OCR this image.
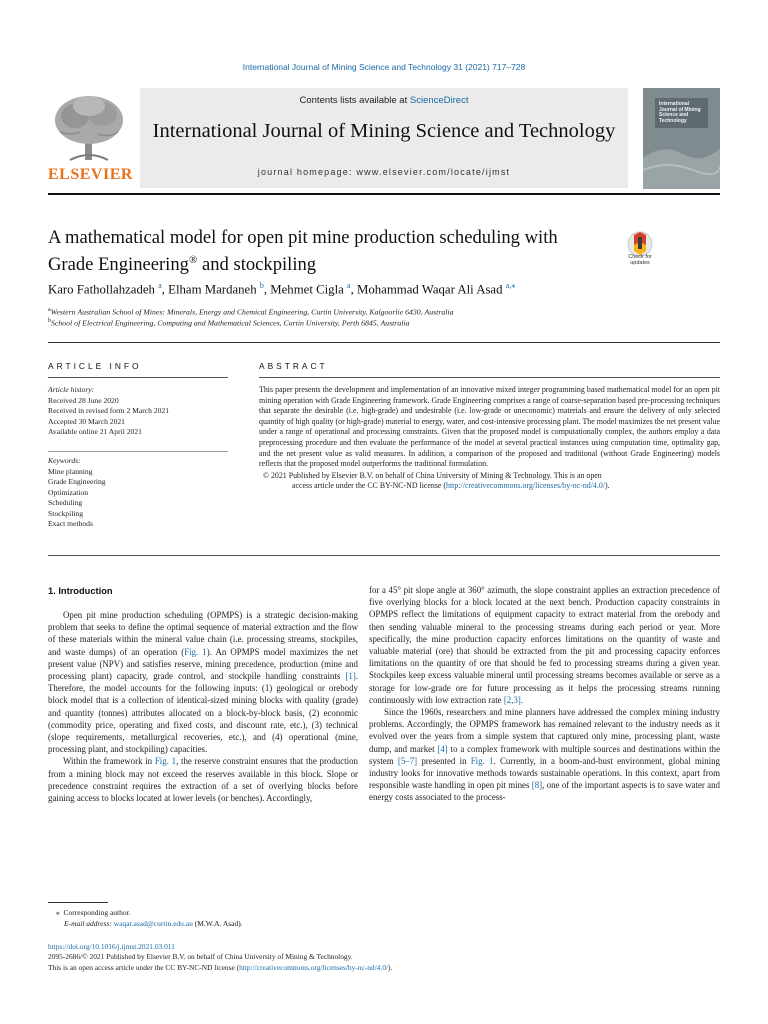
International Journal of Mining Science and Technology 31 (2021) 717–728
ELSEVIER
Contents lists available at ScienceDirect
International Journal of Mining Science and Technology
journal homepage: www.elsevier.com/locate/ijmst
International Journal of Mining Science and Technology
A mathematical model for open pit mine production scheduling with
Grade Engineering® and stockpiling	Check for updates
Karo Fathollahzadeh $^a$, Elham Mardaneh $^b$, Mehmet Cigla $^a$, Mohammad Waqar Ali Asad $^{a,⁎}$
$^a$Western Australian School of Mines: Minerals, Energy and Chemical Engineering, Curtin University, Kalgoorlie 6430, Australia
$^b$School of Electrical Engineering, Computing and Mathematical Sciences, Curtin University, Perth 6845, Australia
ARTICLE INFO
Article history:
Received 28 June 2020
Received in revised form 2 March 2021
Accepted 30 March 2021
Available online 21 April 2021
Keywords:
Mine planning
Grade Engineering
Optimization
Scheduling
Stockpiling
Exact methods
ABSTRACT
This paper presents the development and implementation of an innovative mixed integer programming based mathematical model for an open pit mining operation with Grade Engineering framework. Grade Engineering comprises a range of coarse-separation based pre-processing techniques that separate the desirable (i.e. high-grade) and undesirable (i.e. low-grade or uneconomic) materials and ensure the delivery of only selected quantity of high quality (or high-grade) material to energy, water, and cost-intensive processing plant. The model maximizes the net present value under a range of operational and processing constraints. Given that the proposed model is computationally complex, the authors employ a data preprocessing procedure and then evaluate the performance of the model at several practical instances using computation time, optimality gap, and the net present value as valid measures. In addition, a comparison of the proposed and traditional (without Grade Engineering) models reflects that the proposed model outperforms the traditional formulation.
© 2021 Published by Elsevier B.V. on behalf of China University of Mining & Technology. This is an open
access article under the CC BY-NC-ND license (http://creativecommons.org/licenses/by-nc-nd/4.0/).
1. Introduction

Open pit mine production scheduling (OPMPS) is a strategic decision-making problem that seeks to define the optimal sequence of material extraction and the flow of these materials within the mineral value chain (i.e. processing streams, stockpiles, and waste dumps) of an operation (Fig. 1). An OPMPS model maximizes the net present value (NPV) and satisfies reserve, mining precedence, production (mine and processing plant) capacity, grade control, and stockpile handling constraints [1]. Therefore, the model accounts for the following inputs: (1) geological or orebody block model that is a collection of identical-sized mining blocks with quality (grade) and quantity (tonnes) attributes allocated on a block-by-block basis, (2) economic (commodity price, operating and fixed costs, and discount rate, etc.), (3) technical (slope requirements, metallurgical recoveries, etc.), and (4) operational (mine, processing plant, and stockpiling) capacities.

Within the framework in Fig. 1, the reserve constraint ensures that the production from a mining block may not exceed the reserves available in this block. Slope or precedence constraint requires the extraction of a set of overlying blocks before gaining access to blocks located at lower levels (or benches). Accordingly,

for a 45° pit slope angle at 360° azimuth, the slope constraint applies an extraction precedence of five overlying blocks for a block located at the next bench. Production capacity constraints in OPMPS reflect the limitations of equipment capacity to extract material from the orebody and then sending valuable mineral to the processing streams during each period or year. More specifically, the mine production capacity enforces limitations on the quantity of waste and valuable material (ore) that should be extracted from the pit and processing capacity enforces limitations on the quantity of ore that should be fed to processing streams during a given year. Stockpiles keep excess valuable mineral until processing streams becomes available or serve as a storage for low-grade ore for future processing as it helps the processing streams running continuously with low extraction rate [2,3].

Since the 1960s, researchers and mine planners have addressed the complex mining industry problems. Accordingly, the OPMPS framework has remained relevant to the industry needs as it evolved over the years from a simple system that captured only mine, processing plant, waste dump, and market [4] to a complex framework with multiple sources and destinations within the system [5–7] presented in Fig. 1. Currently, in a boom-and-bust environment, global mining industry looks for innovative methods towards sustainable operations. In this context, apart from responsible waste handling in open pit mines [8], one of the important aspects is to save water and energy costs associated to the process-

⁎ Corresponding author.
E-mail address: waqar.asad@curtin.edu.au (M.W.A. Asad).
https://doi.org/10.1016/j.ijmst.2021.03.011
2095-2686/© 2021 Published by Elsevier B.V. on behalf of China University of Mining & Technology.
This is an open access article under the CC BY-NC-ND license (http://creativecommons.org/licenses/by-nc-nd/4.0/).
